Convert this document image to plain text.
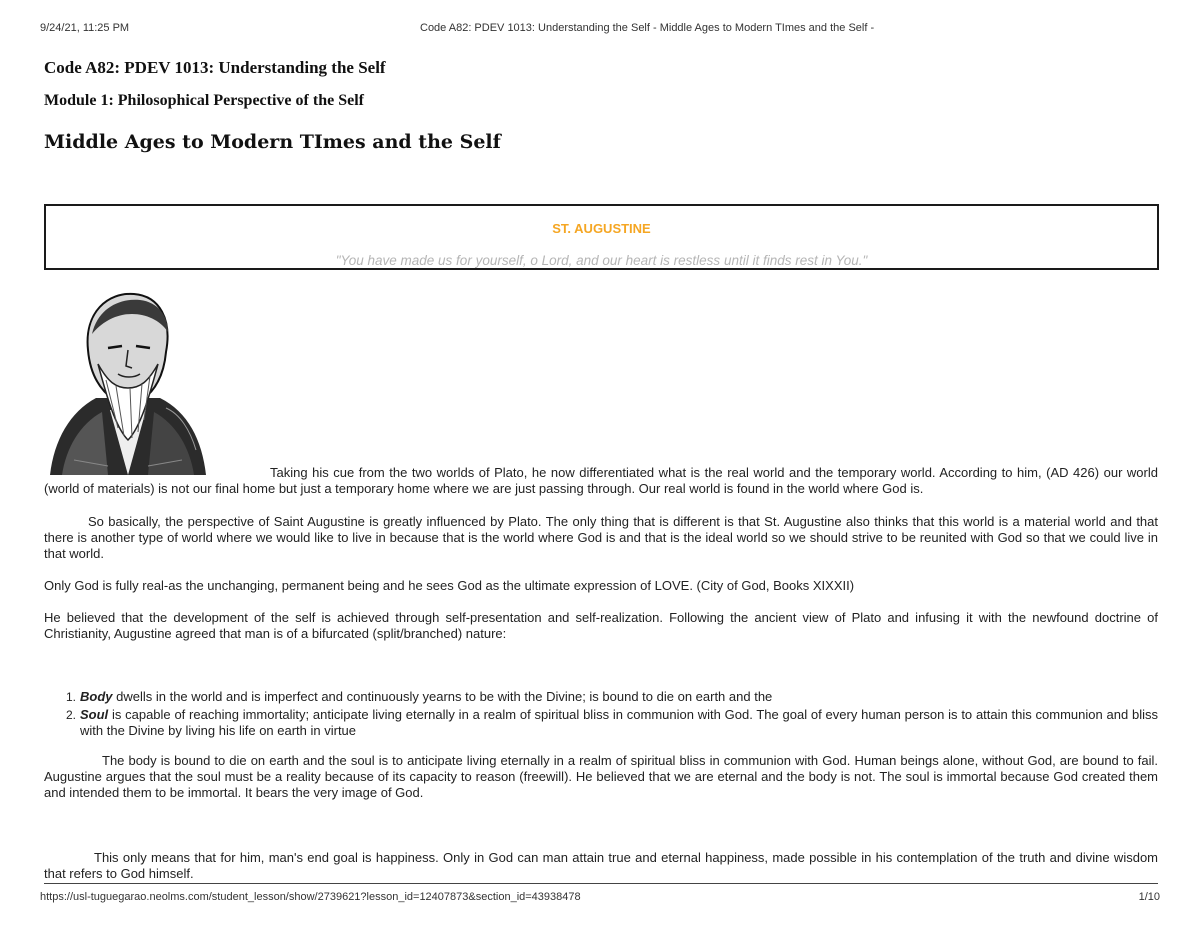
9/24/21, 11:25 PM	Code A82: PDEV 1013: Understanding the Self - Middle Ages to Modern TImes and the Self -
Code A82: PDEV 1013: Understanding the Self
Module 1: Philosophical Perspective of the Self
Middle Ages to Modern TImes and the Self
ST. AUGUSTINE
"You have made us for yourself, o Lord, and our heart is restless until it finds rest in You."
Taking his cue from the two worlds of Plato, he now differentiated what is the real world and the temporary world. According to him, (AD 426) our world (world of materials) is not our final home but just a temporary home where we are just passing through. Our real world is found in the world where God is.
So basically, the perspective of Saint Augustine is greatly influenced by Plato. The only thing that is different is that St. Augustine also thinks that this world is a material world and that there is another type of world where we would like to live in because that is the world where God is and that is the ideal world so we should strive to be reunited with God so that we could live in that world.
Only God is fully real-as the unchanging, permanent being and he sees God as the ultimate expression of LOVE. (City of God, Books XIXXII)
He believed that the development of the self is achieved through self-presentation and self-realization. Following the ancient view of Plato and infusing it with the newfound doctrine of Christianity, Augustine agreed that man is of a bifurcated (split/branched) nature:
1. Body dwells in the world and is imperfect and continuously yearns to be with the Divine; is bound to die on earth and the
2. Soul is capable of reaching immortality; anticipate living eternally in a realm of spiritual bliss in communion with God. The goal of every human person is to attain this communion and bliss with the Divine by living his life on earth in virtue
The body is bound to die on earth and the soul is to anticipate living eternally in a realm of spiritual bliss in communion with God. Human beings alone, without God, are bound to fail. Augustine argues that the soul must be a reality because of its capacity to reason (freewill). He believed that we are eternal and the body is not. The soul is immortal because God created them and intended them to be immortal. It bears the very image of God.
This only means that for him, man's end goal is happiness. Only in God can man attain true and eternal happiness, made possible in his contemplation of the truth and divine wisdom that refers to God himself.
https://usl-tuguegarao.neolms.com/student_lesson/show/2739621?lesson_id=12407873&section_id=43938478	1/10
